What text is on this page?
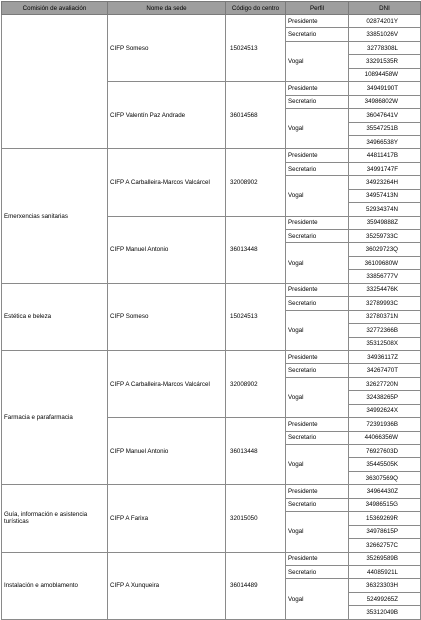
Comisión de avaliación	Nome da sede	Código do centro	Perfil	DNI
	CIFP Someso	15024513	Presidente	02874201Y
			Secretario	33851026V
			Vogal	32778308L
				33291535R
				10894458W
	CIFP Valentín Paz Andrade	36014568	Presidente	34949190T
			Secretario	34986802W
			Vogal	36047641V
				35547251B
				34966538Y
Emerxencias sanitarias	CIFP A Carballeira-Marcos Valcárcel	32008902	Presidente	44811417B
			Secretario	34991747F
			Vogal	34923264H
				34957413N
				52934374N
	CIFP Manuel Antonio	36013448	Presidente	35949888Z
			Secretario	35259733C
			Vogal	36029723Q
				36109680W
				33856777V
Estética e beleza	CIFP Someso	15024513	Presidente	33254476K
			Secretario	32789993C
			Vogal	32780371N
				32772366B
				35312508X
Farmacia e parafarmacia	CIFP A Carballeira-Marcos Valcárcel	32008902	Presidente	34936117Z
			Secretario	34267470T
			Vogal	32627720N
				32438265P
				34992624X
	CIFP Manuel Antonio	36013448	Presidente	72391936B
			Secretario	44066356W
			Vogal	76927603D
				35445505K
				36307569Q
Guía, información e asistencia turísticas	CIFP A Farixa	32015050	Presidente	34964430Z
			Secretario	34986515G
			Vogal	15369269R
				34978615P
				32662757C
Instalación e amoblamento	CIFP A Xunqueira	36014489	Presidente	35269589B
			Secretario	44085921L
			Vogal	36323303H
				52499265Z
				35312049B
